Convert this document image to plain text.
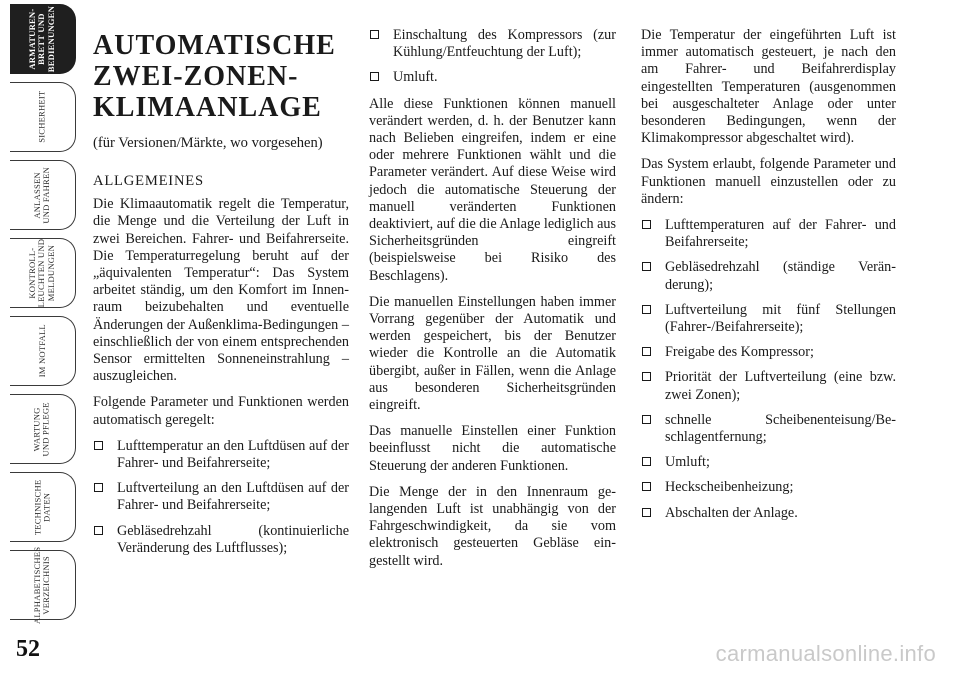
ARMATUREN-
BRETT UND
BEDIENUNGEN
SICHERHEIT
ANLASSEN
UND FAHREN
KONTROLL-
LEUCHTEN UND
MELDUNGEN
IM NOTFALL
WARTUNG
UND PFLEGE
TECHNISCHE
DATEN
ALPHABETISCHES
VERZEICHNIS
52
AUTOMATISCHE ZWEI-ZONEN-KLIMAANLAGE
(für Versionen/Märkte, wo vorgesehen)
ALLGEMEINES

Die Klimaautomatik regelt die Temperatur, die Menge und die Verteilung der Luft in zwei Bereichen. Fahrer- und Beifahrerseite. Die Temperaturregelung beruht auf der „äquivalenten Temperatur“: Das System arbeitet ständig, um den Komfort im Innenraum beizubehalten und eventuelle Änderungen der Außenklima-Bedingungen – einschließlich der von einem entsprechenden Sensor ermittelten Sonneneinstrahlung – auszugleichen.

Folgende Parameter und Funktionen werden automatisch geregelt:

Lufttemperatur an den Luftdüsen auf der Fahrer- und Beifahrerseite;
Luftverteilung an den Luftdüsen auf der Fahrer- und Beifahrerseite;
Gebläsedrehzahl (kontinuierliche Veränderung des Luftflusses);
Einschaltung des Kompressors (zur Kühlung/Entfeuchtung der Luft);
Umluft.

Alle diese Funktionen können manuell verändert werden, d. h. der Benutzer kann nach Belieben eingreifen, indem er eine oder mehrere Funktionen wählt und die Parameter verändert. Auf diese Weise wird jedoch die automatische Steuerung der manuell veränderten Funktionen deaktiviert, auf die die Anlage lediglich aus Sicherheitsgründen eingreift (beispielsweise bei Risiko des Beschlagens).

Die manuellen Einstellungen haben immer Vorrang gegenüber der Automatik und werden gespeichert, bis der Benutzer wieder die Kontrolle an die Automatik übergibt, außer in Fällen, wenn die Anlage aus besonderen Sicherheitsgründen eingreift.

Das manuelle Einstellen einer Funktion beeinflusst nicht die automatische Steuerung der anderen Funktionen.

Die Menge der in den Innenraum gelangenden Luft ist unabhängig von der Fahrgeschwindigkeit, da sie vom elektronisch gesteuerten Gebläse eingestellt wird.

Die Temperatur der eingeführten Luft ist immer automatisch gesteuert, je nach den am Fahrer- und Beifahrerdisplay eingestellten Temperaturen (ausgenommen bei ausgeschalteter Anlage oder unter besonderen Bedingungen, wenn der Klimakompressor abgeschaltet wird).

Das System erlaubt, folgende Parameter und Funktionen manuell einzustellen oder zu ändern:

Lufttemperaturen auf der Fahrer- und Beifahrerseite;
Gebläsedrehzahl (ständige Veränderung);
Luftverteilung mit fünf Stellungen (Fahrer-/Beifahrerseite);
Freigabe des Kompressor;
Priorität der Luftverteilung (eine bzw. zwei Zonen);
schnelle Scheibenenteisung/Beschlagentfernung;
Umluft;
Heckscheibenheizung;
Abschalten der Anlage.
carmanualsonline.info
